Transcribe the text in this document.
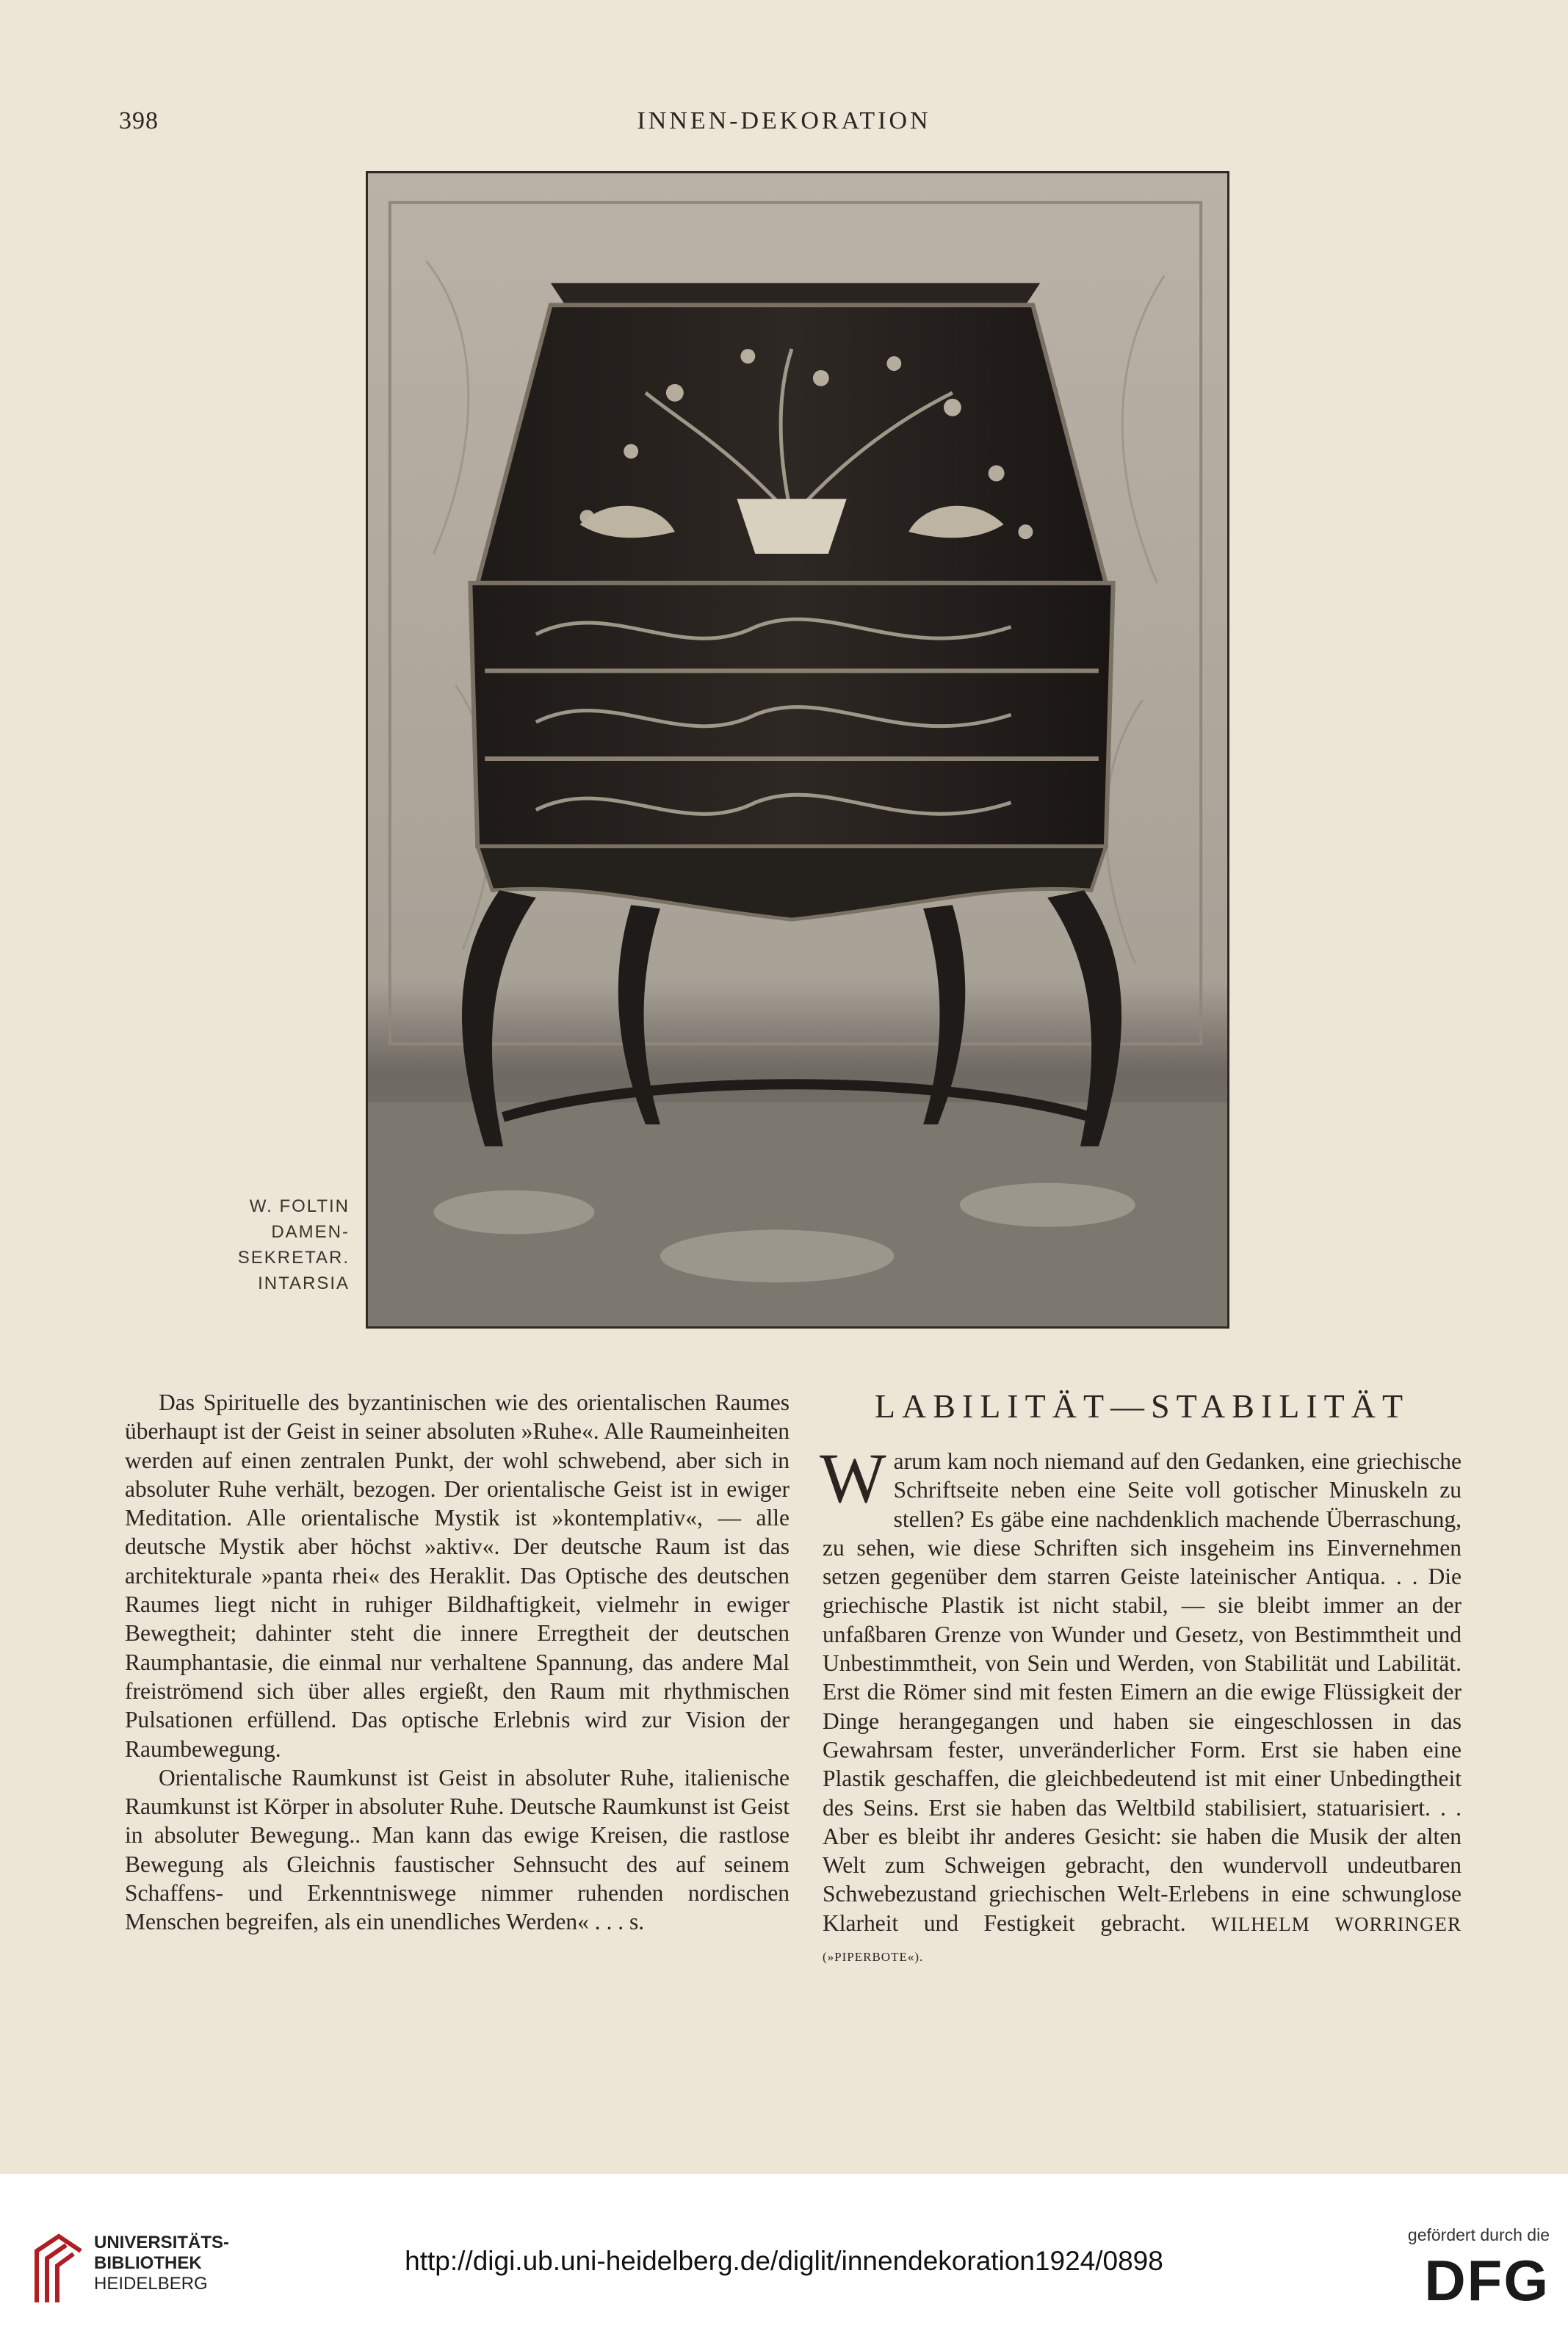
398	INNEN-DEKORATION
W. FOLTIN
DAMEN-
SEKRETAR.
INTARSIA

Das Spirituelle des byzantinischen wie des orientalischen Raumes überhaupt ist der Geist in seiner absoluten »Ruhe«. Alle Raumeinheiten werden auf einen zentralen Punkt, der wohl schwebend, aber sich in absoluter Ruhe verhält, bezogen. Der orientalische Geist ist in ewiger Meditation. Alle orientalische Mystik ist »kontemplativ«, — alle deutsche Mystik aber höchst »aktiv«. Der deutsche Raum ist das architekturale »panta rhei« des Heraklit. Das Optische des deutschen Raumes liegt nicht in ruhiger Bildhaftigkeit, vielmehr in ewiger Bewegtheit; dahinter steht die innere Erregtheit der deutschen Raumphantasie, die einmal nur verhaltene Spannung, das andere Mal freiströmend sich über alles ergießt, den Raum mit rhythmischen Pulsationen erfüllend. Das optische Erlebnis wird zur Vision der Raumbewegung.

Orientalische Raumkunst ist Geist in absoluter Ruhe, italienische Raumkunst ist Körper in absoluter Ruhe. Deutsche Raumkunst ist Geist in absoluter Bewegung.. Man kann das ewige Kreisen, die rastlose Bewegung als Gleichnis faustischer Sehnsucht des auf seinem Schaffens- und Erkenntniswege nimmer ruhenden nordischen Menschen begreifen, als ein unendliches Werden« . . . s.

LABILITÄT—STABILITÄT

Warum kam noch niemand auf den Gedanken, eine griechische Schriftseite neben eine Seite voll gotischer Minuskeln zu stellen? Es gäbe eine nachdenklich machende Überraschung, zu sehen, wie diese Schriften sich insgeheim ins Einvernehmen setzen gegenüber dem starren Geiste lateinischer Antiqua. . . Die griechische Plastik ist nicht stabil, — sie bleibt immer an der unfaßbaren Grenze von Wunder und Gesetz, von Bestimmtheit und Unbestimmtheit, von Sein und Werden, von Stabilität und Labilität. Erst die Römer sind mit festen Eimern an die ewige Flüssigkeit der Dinge herangegangen und haben sie eingeschlossen in das Gewahrsam fester, unveränderlicher Form. Erst sie haben eine Plastik geschaffen, die gleichbedeutend ist mit einer Unbedingtheit des Seins. Erst sie haben das Weltbild stabilisiert, statuarisiert. . . Aber es bleibt ihr anderes Gesicht: sie haben die Musik der alten Welt zum Schweigen gebracht, den wundervoll undeutbaren Schwebezustand griechischen Welt-Erlebens in eine schwunglose Klarheit und Festigkeit gebracht. WILHELM WORRINGER (»PIPERBOTE«).

UNIVERSITÄTS-
BIBLIOTHEK
HEIDELBERG
http://digi.ub.uni-heidelberg.de/diglit/innendekoration1924/0898
gefördert durch die
DFG
